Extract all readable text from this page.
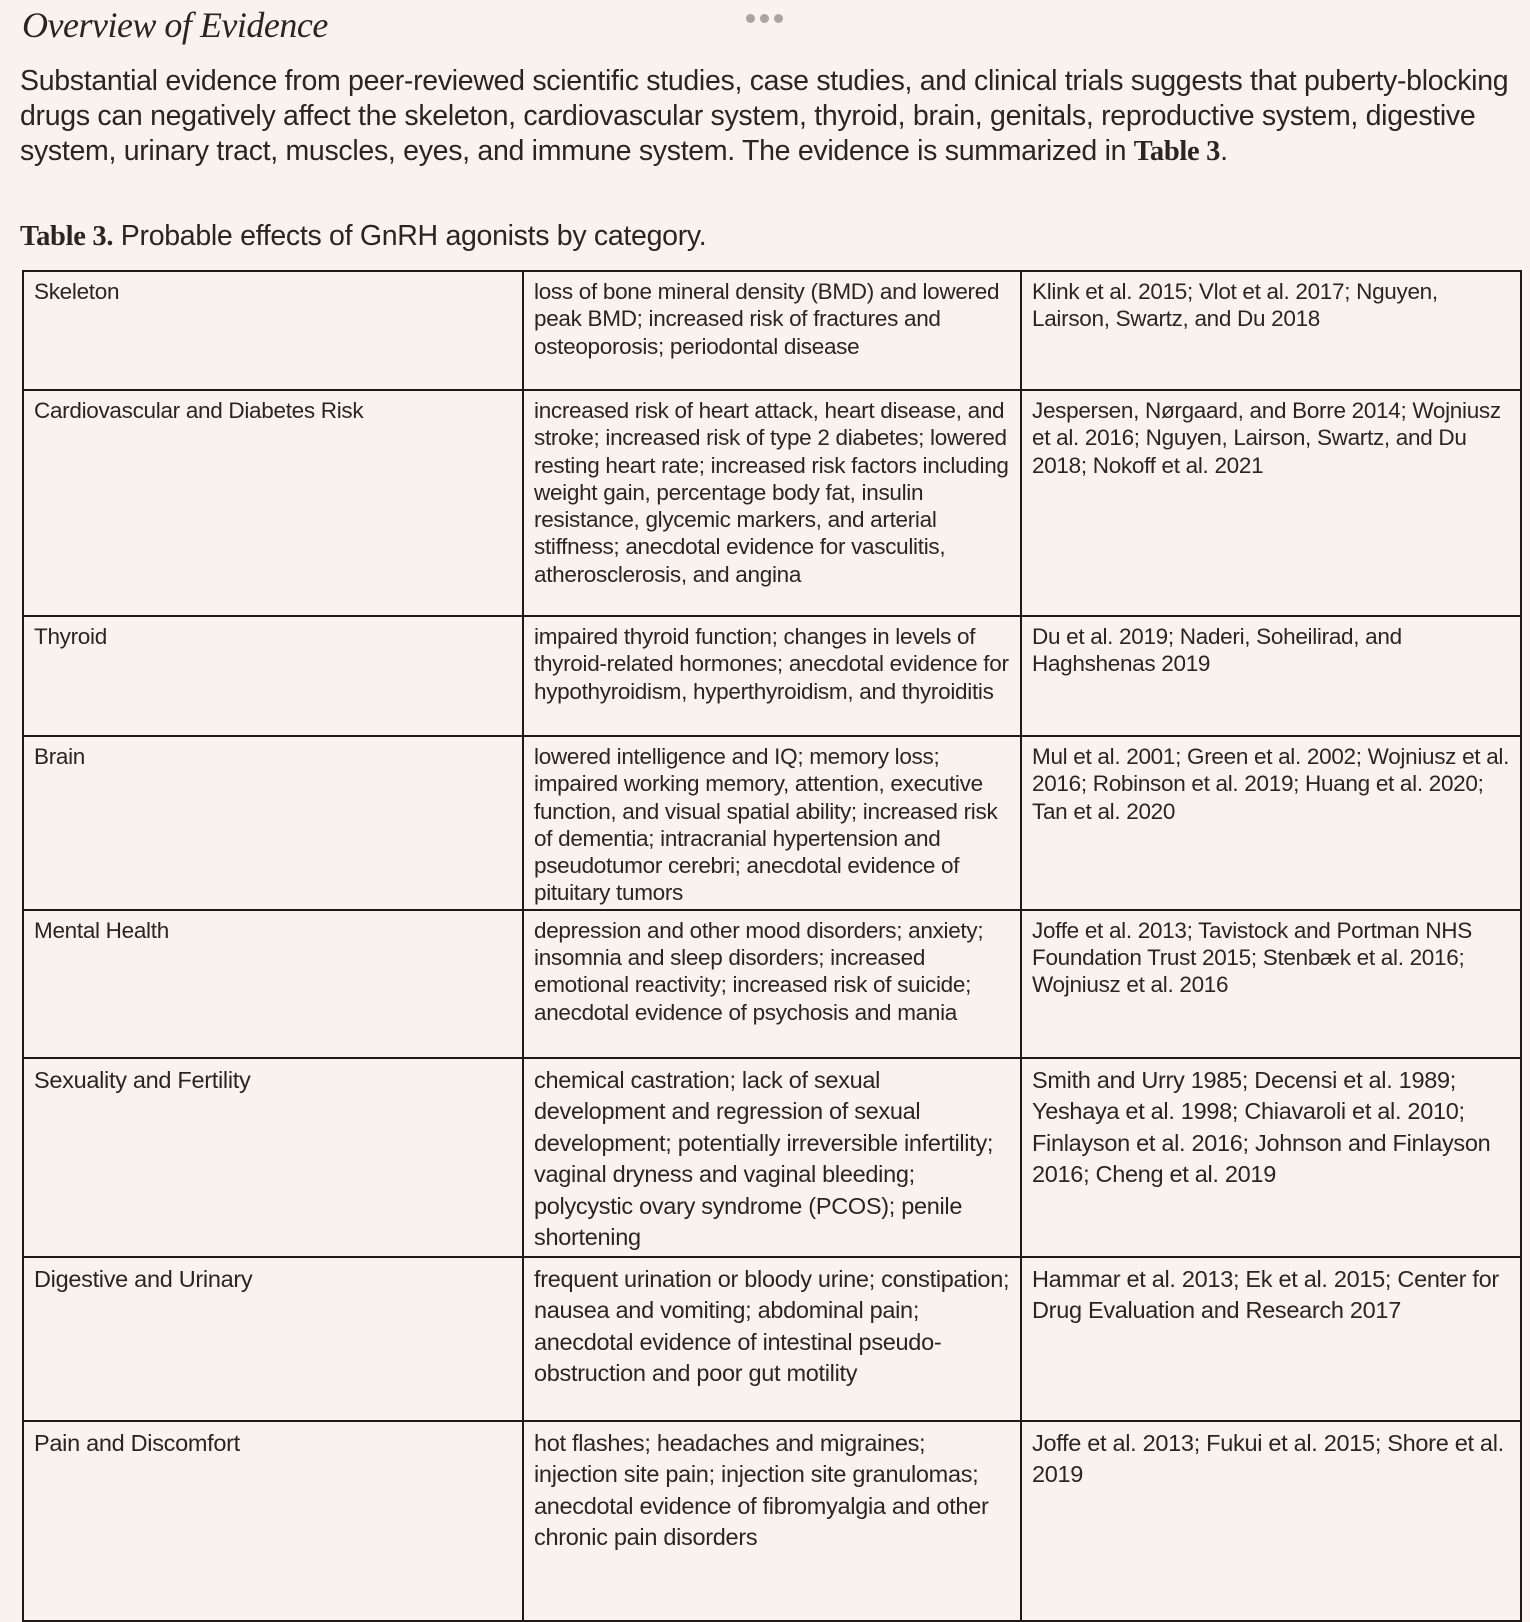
Overview of Evidence

Substantial evidence from peer-reviewed scientific studies, case studies, and clinical trials suggests that puberty-blocking drugs can negatively affect the skeleton, cardiovascular system, thyroid, brain, genitals, reproductive system, digestive system, urinary tract, muscles, eyes, and immune system. The evidence is summarized in Table 3.

Table 3. Probable effects of GnRH agonists by category.
Skeleton	loss of bone mineral density (BMD) and lowered peak BMD; increased risk of fractures and osteoporosis; periodontal disease	Klink et al. 2015; Vlot et al. 2017; Nguyen, Lairson, Swartz, and Du 2018
Cardiovascular and Diabetes Risk	increased risk of heart attack, heart disease, and stroke; increased risk of type 2 diabetes; lowered resting heart rate; increased risk factors including weight gain, percentage body fat, insulin resistance, glycemic markers, and arterial stiffness; anecdotal evidence for vasculitis, atherosclerosis, and angina	Jespersen, Nørgaard, and Borre 2014; Wojniusz et al. 2016; Nguyen, Lairson, Swartz, and Du 2018; Nokoff et al. 2021
Thyroid	impaired thyroid function; changes in levels of thyroid-related hormones; anecdotal evidence for hypothyroidism, hyperthyroidism, and thyroiditis	Du et al. 2019; Naderi, Soheilirad, and Haghshenas 2019
Brain	lowered intelligence and IQ; memory loss; impaired working memory, attention, executive function, and visual spatial ability; increased risk of dementia; intracranial hypertension and pseudotumor cerebri; anecdotal evidence of pituitary tumors	Mul et al. 2001; Green et al. 2002; Wojniusz et al. 2016; Robinson et al. 2019; Huang et al. 2020; Tan et al. 2020
Mental Health	depression and other mood disorders; anxiety; insomnia and sleep disorders; increased emotional reactivity; increased risk of suicide; anecdotal evidence of psychosis and mania	Joffe et al. 2013; Tavistock and Portman NHS Foundation Trust 2015; Stenbæk et al. 2016; Wojniusz et al. 2016
Sexuality and Fertility	chemical castration; lack of sexual development and regression of sexual development; potentially irreversible infertility; vaginal dryness and vaginal bleeding; polycystic ovary syndrome (PCOS); penile shortening	Smith and Urry 1985; Decensi et al. 1989; Yeshaya et al. 1998; Chiavaroli et al. 2010; Finlayson et al. 2016; Johnson and Finlayson 2016; Cheng et al. 2019
Digestive and Urinary	frequent urination or bloody urine; constipation; nausea and vomiting; abdominal pain; anecdotal evidence of intestinal pseudo-obstruction and poor gut motility	Hammar et al. 2013; Ek et al. 2015; Center for Drug Evaluation and Research 2017
Pain and Discomfort	hot flashes; headaches and migraines; injection site pain; injection site granulomas; anecdotal evidence of fibromyalgia and other chronic pain disorders	Joffe et al. 2013; Fukui et al. 2015; Shore et al. 2019
